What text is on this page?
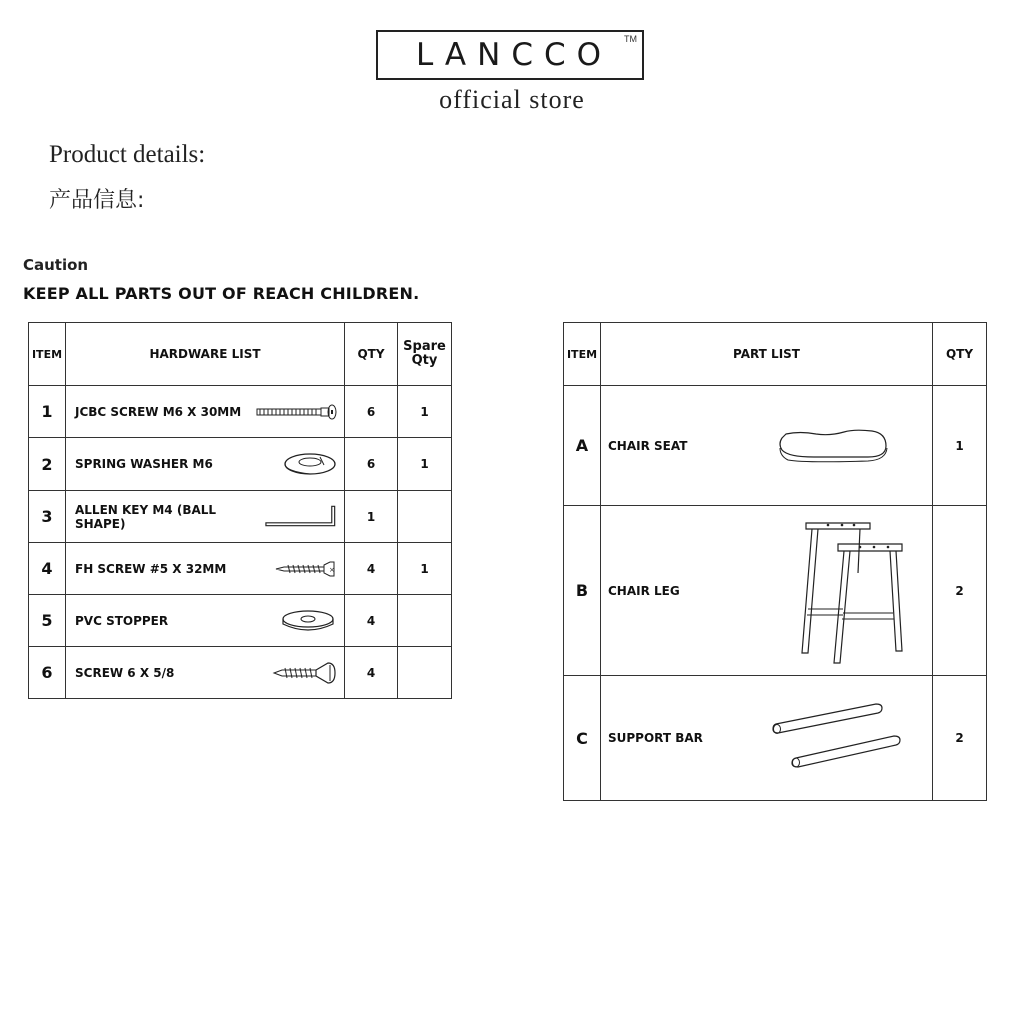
LANCCO TM
official store
Product details:
产品信息:
Caution
KEEP ALL PARTS OUT OF REACH CHILDREN.
ITEM	HARDWARE LIST	QTY	Spare
Qty

1	JCBC SCREW M6 X 30MM	6	1
2	SPRING WASHER M6	6	1
3	ALLEN KEY M4 (BALL SHAPE)	1	
4	FH SCREW #5 X 32MM ×	4	1
5	PVC STOPPER	4	
6	SCREW 6 X 5/8	4	
ITEM	PART LIST	QTY
A	CHAIR SEAT	1
B	CHAIR LEG	2
C	SUPPORT BAR	2
